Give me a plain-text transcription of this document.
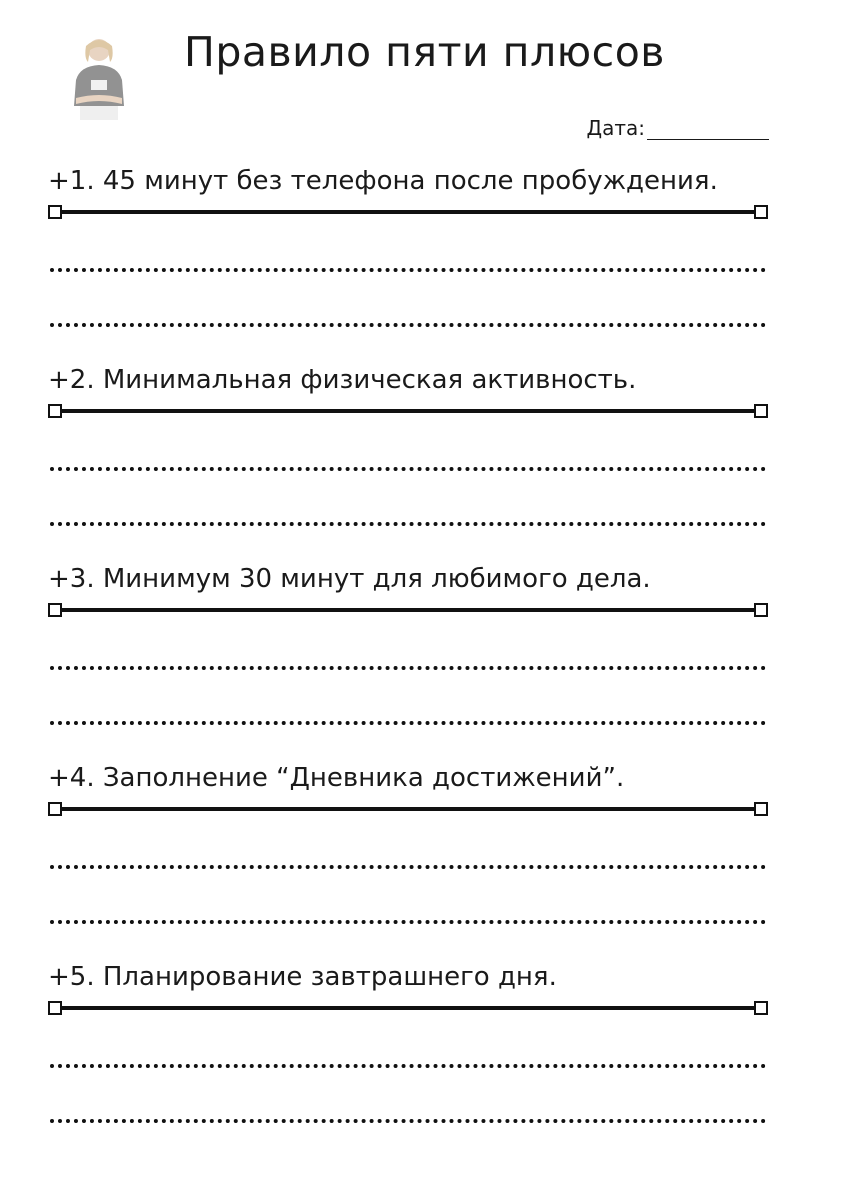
Правило пяти плюсов
Дата:
+1. 45 минут без телефона после пробуждения.
+2. Минимальная физическая активность.
+3. Минимум 30 минут для любимого дела.
+4. Заполнение “Дневника достижений”.
+5. Планирование завтрашнего дня.
